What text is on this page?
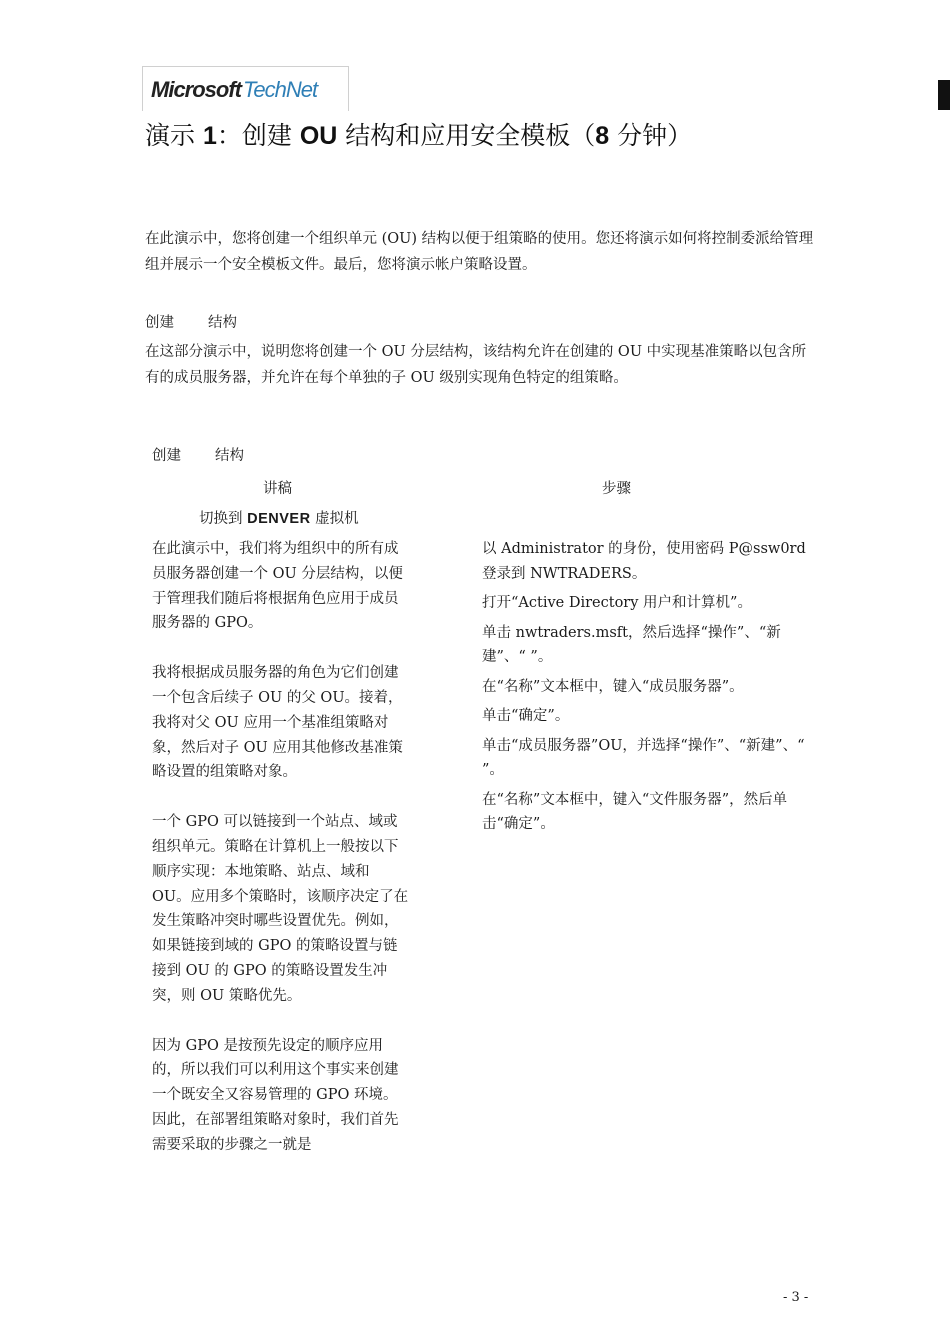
MicrosoftTechNet
演示 1：创建 OU 结构和应用安全模板（8 分钟）
在此演示中，您将创建一个组织单元 (OU) 结构以便于组策略的使用。您还将演示如何将控制委派给管理组并展示一个安全模板文件。最后，您将演示帐户策略设置。
创建 结构
在这部分演示中，说明您将创建一个 OU 分层结构，该结构允许在创建的 OU 中实现基准策略以包含所有的成员服务器，并允许在每个单独的子 OU 级别实现角色特定的组策略。
创建 结构
讲稿	步骤
切换到 DENVER 虚拟机

在此演示中，我们将为组织中的所有成员服务器创建一个 OU 分层结构，以便于管理我们随后将根据角色应用于成员服务器的 GPO。

我将根据成员服务器的角色为它们创建一个包含后续子 OU 的父 OU。接着，我将对父 OU 应用一个基准组策略对象，然后对子 OU 应用其他修改基准策略设置的组策略对象。

一个 GPO 可以链接到一个站点、域或组织单元。策略在计算机上一般按以下顺序实现：本地策略、站点、域和 OU。应用多个策略时，该顺序决定了在发生策略冲突时哪些设置优先。例如，如果链接到域的 GPO 的策略设置与链接到 OU 的 GPO 的策略设置发生冲突，则 OU 策略优先。

因为 GPO 是按预先设定的顺序应用的，所以我们可以利用这个事实来创建一个既安全又容易管理的 GPO 环境。因此，在部署组策略对象时，我们首先需要采取的步骤之一就是

以 Administrator 的身份，使用密码 P@ssw0rd 登录到 NWTRADERS。

打开“Active Directory 用户和计算机”。

单击 nwtraders.msft，然后选择“操作”、“新建”、“ ”。

在“名称”文本框中，键入“成员服务器”。

单击“确定”。

单击“成员服务器”OU，并选择“操作”、“新建”、“ ”。

在“名称”文本框中，键入“文件服务器”，然后单击“确定”。

- 3 -
